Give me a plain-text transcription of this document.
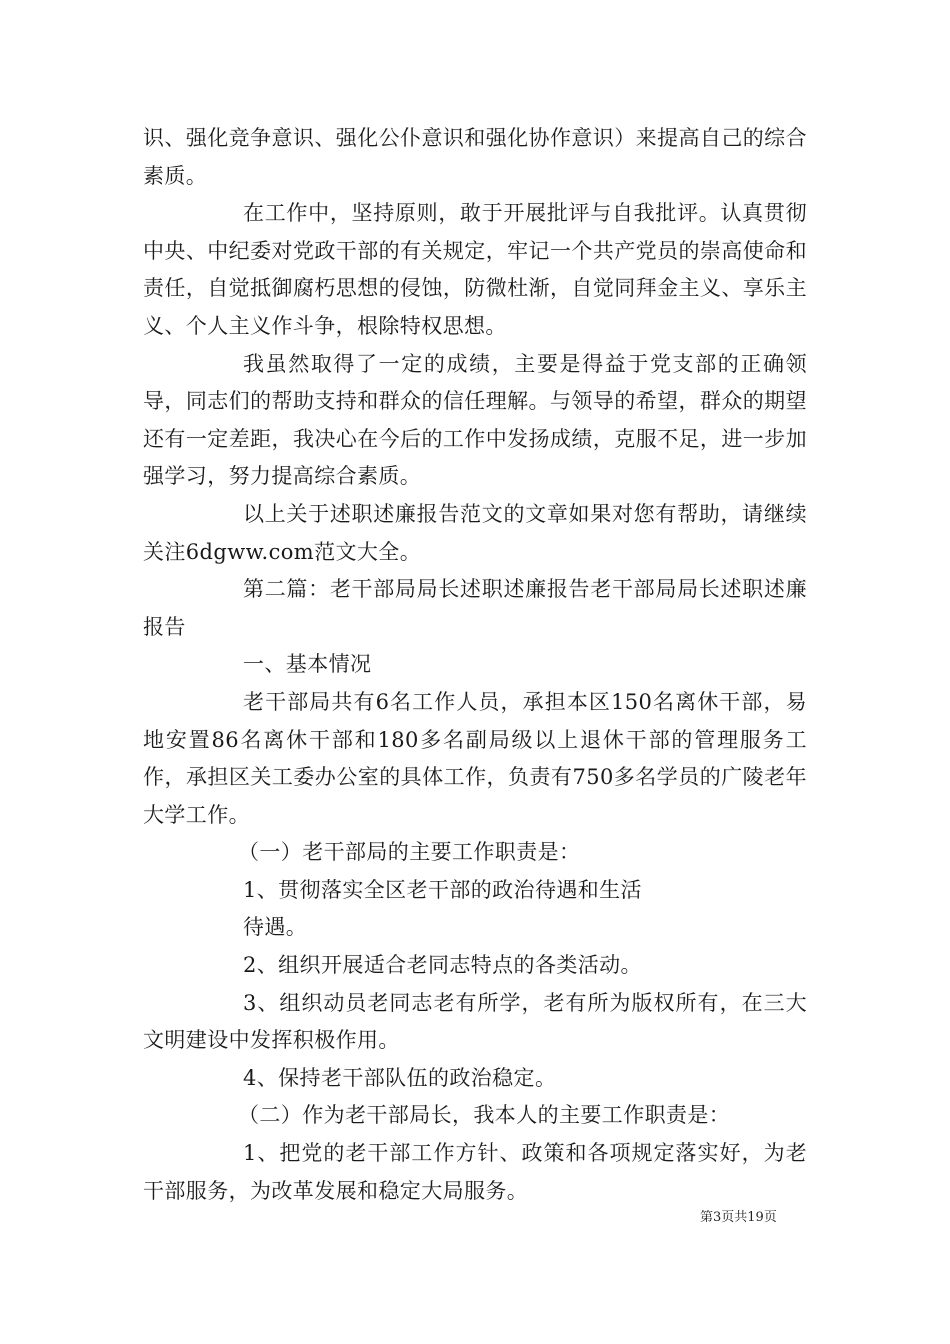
识、强化竞争意识、强化公仆意识和强化协作意识）来提高自己的综合素质。

在工作中，坚持原则，敢于开展批评与自我批评。认真贯彻中央、中纪委对党政干部的有关规定，牢记一个共产党员的崇高使命和责任，自觉抵御腐朽思想的侵蚀，防微杜渐，自觉同拜金主义、享乐主义、个人主义作斗争，根除特权思想。

我虽然取得了一定的成绩，主要是得益于党支部的正确领导，同志们的帮助支持和群众的信任理解。与领导的希望，群众的期望还有一定差距，我决心在今后的工作中发扬成绩，克服不足，进一步加强学习，努力提高综合素质。

以上关于述职述廉报告范文的文章如果对您有帮助，请继续关注6dgww.com范文大全。

第二篇：老干部局局长述职述廉报告老干部局局长述职述廉报告

一、基本情况

老干部局共有6名工作人员，承担本区150名离休干部，易地安置86名离休干部和180多名副局级以上退休干部的管理服务工作，承担区关工委办公室的具体工作，负责有750多名学员的广陵老年大学工作。

（一）老干部局的主要工作职责是：

1、贯彻落实全区老干部的政治待遇和生活

待遇。

2、组织开展适合老同志特点的各类活动。

3、组织动员老同志老有所学，老有所为版权所有，在三大文明建设中发挥积极作用。

4、保持老干部队伍的政治稳定。

（二）作为老干部局长，我本人的主要工作职责是：

1、把党的老干部工作方针、政策和各项规定落实好，为老干部服务，为改革发展和稳定大局服务。

第3页共19页
